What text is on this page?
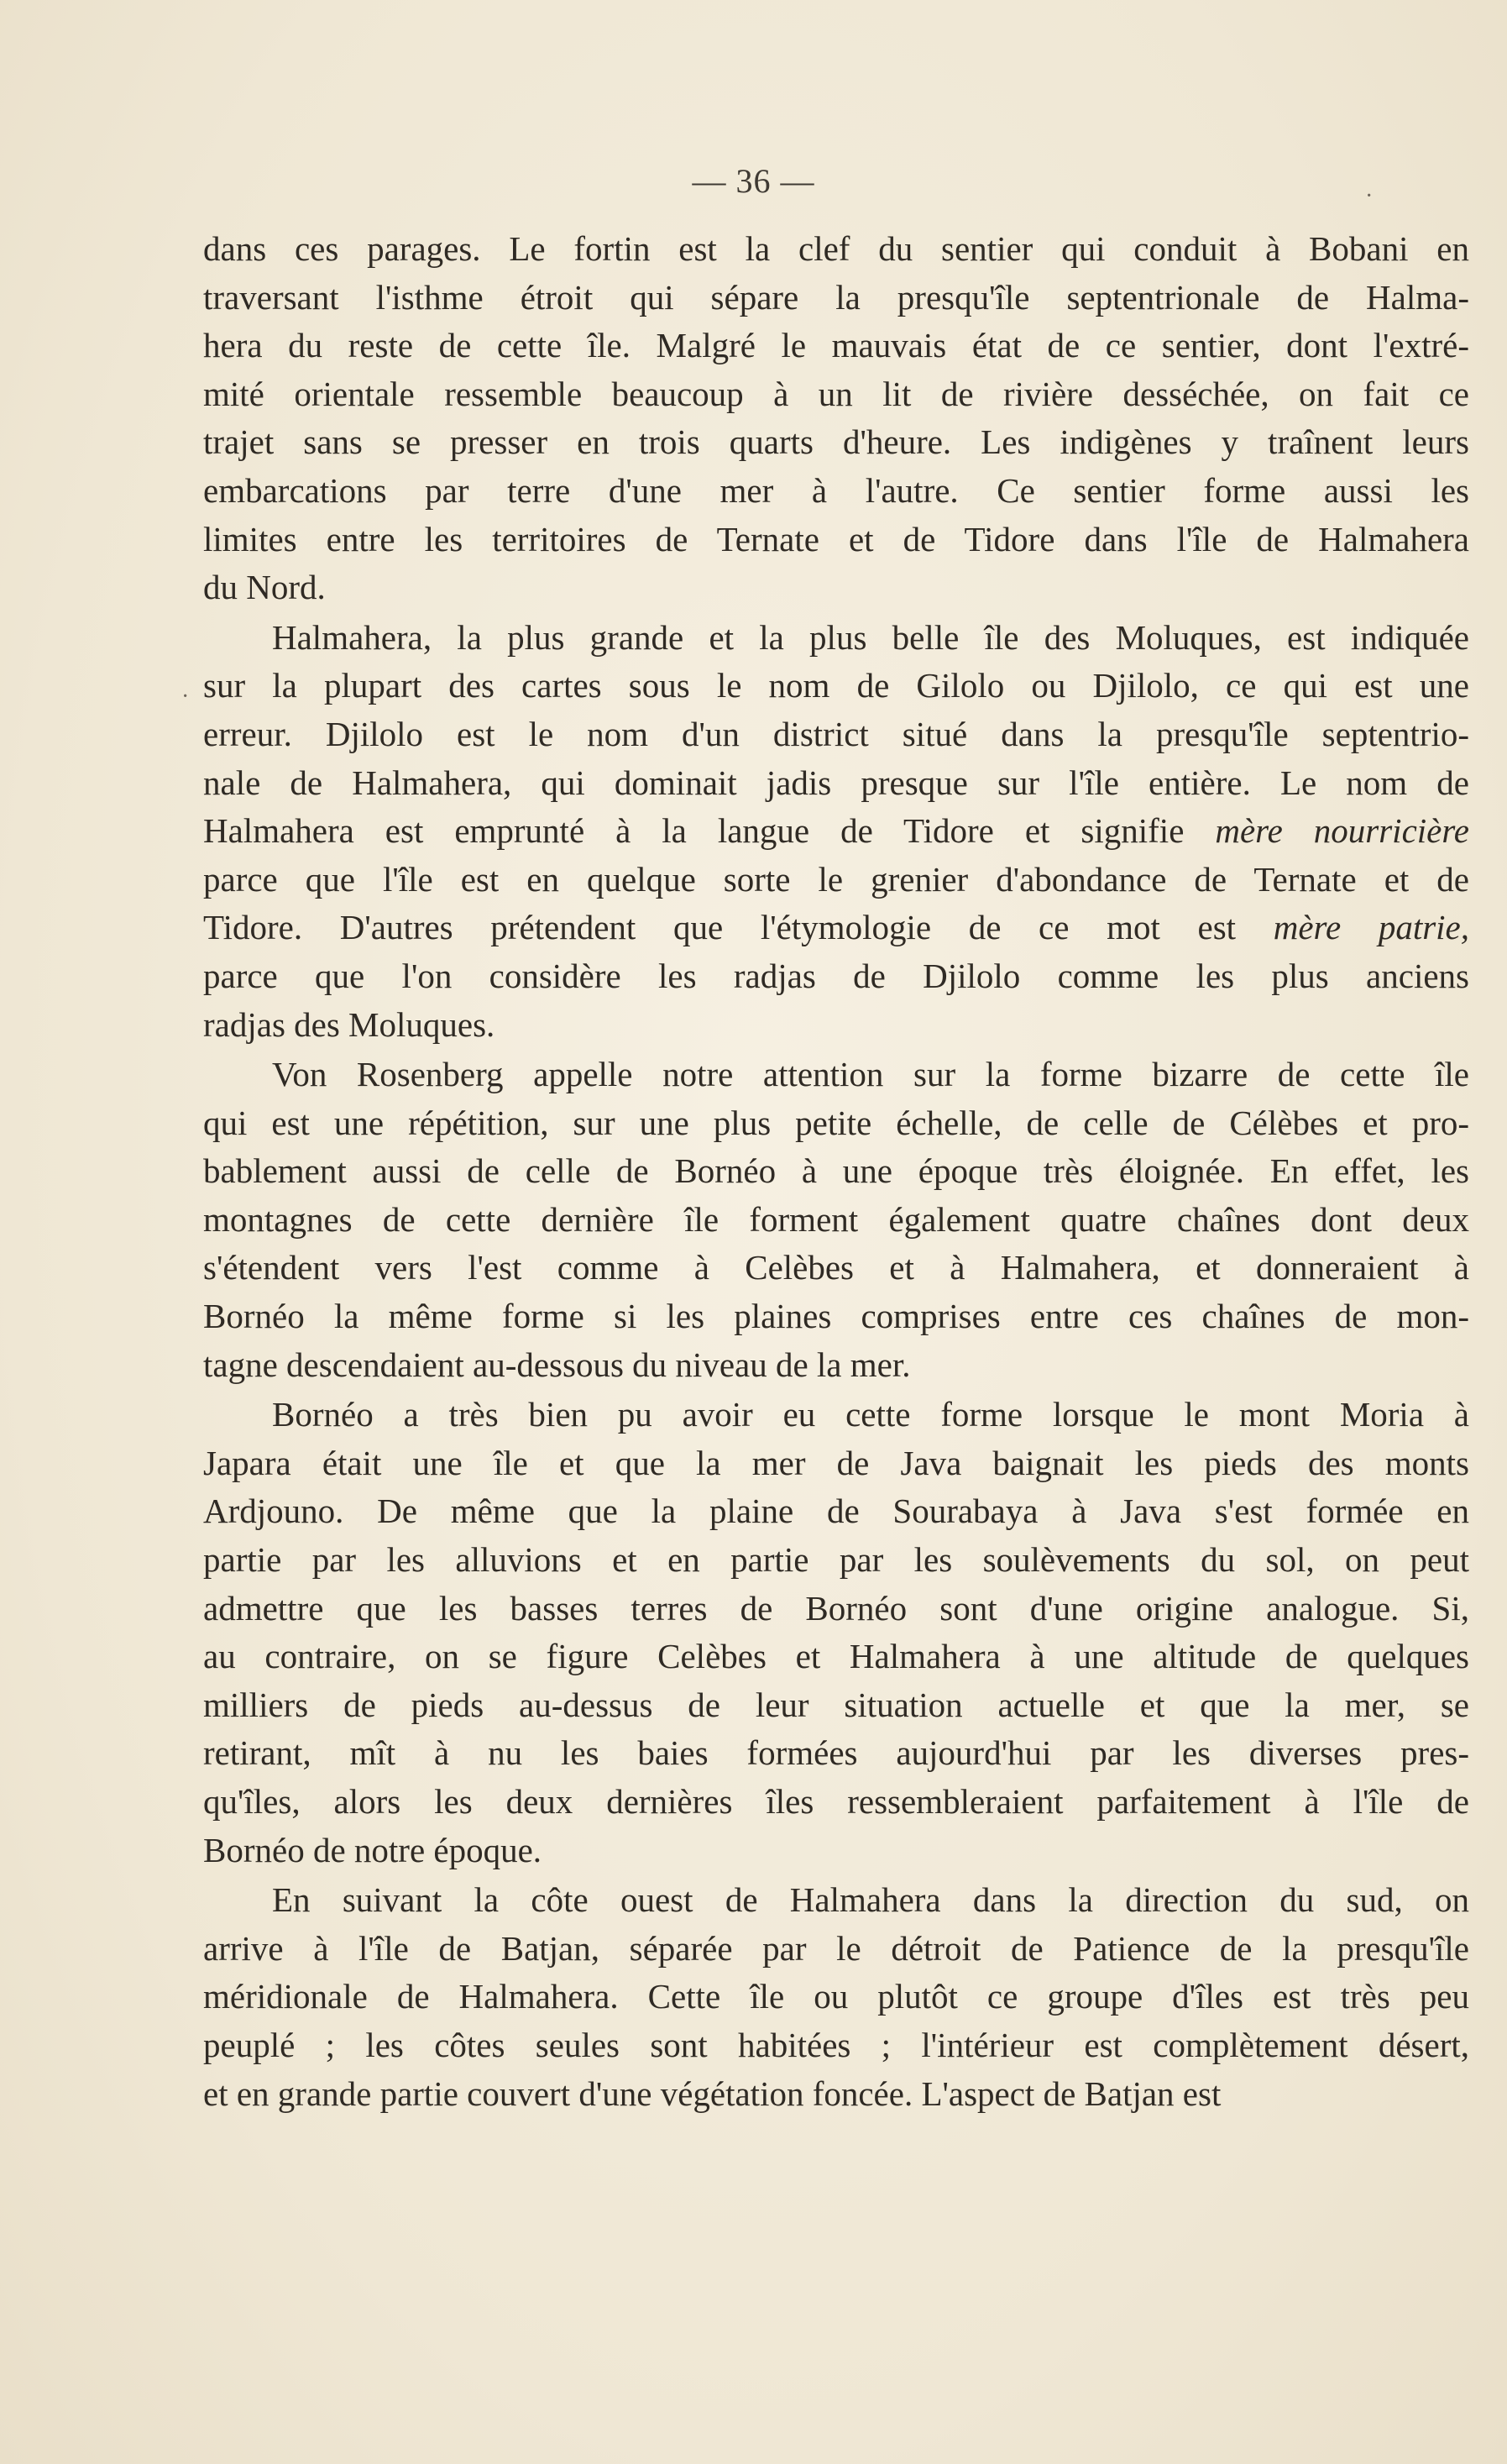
— 36 —	·
·
dans ces parages. Le fortin est la clef du sentier qui conduit à Bobani en
traversant l'isthme étroit qui sépare la presqu'île septentrionale de Halma-
hera du reste de cette île. Malgré le mauvais état de ce sentier, dont l'extré-
mité orientale ressemble beaucoup à un lit de rivière desséchée, on fait ce
trajet sans se presser en trois quarts d'heure. Les indigènes y traînent leurs
embarcations par terre d'une mer à l'autre. Ce sentier forme aussi les
limites entre les territoires de Ternate et de Tidore dans l'île de Halmahera
du Nord.
Halmahera, la plus grande et la plus belle île des Moluques, est indiquée
sur la plupart des cartes sous le nom de Gilolo ou Djilolo, ce qui est une
erreur. Djilolo est le nom d'un district situé dans la presqu'île septentrio-
nale de Halmahera, qui dominait jadis presque sur l'île entière. Le nom de
Halmahera est emprunté à la langue de Tidore et signifie mère nourricière
parce que l'île est en quelque sorte le grenier d'abondance de Ternate et de
Tidore. D'autres prétendent que l'étymologie de ce mot est mère patrie,
parce que l'on considère les radjas de Djilolo comme les plus anciens
radjas des Moluques.
Von Rosenberg appelle notre attention sur la forme bizarre de cette île
qui est une répétition, sur une plus petite échelle, de celle de Célèbes et pro-
bablement aussi de celle de Bornéo à une époque très éloignée. En effet, les
montagnes de cette dernière île forment également quatre chaînes dont deux
s'étendent vers l'est comme à Celèbes et à Halmahera, et donneraient à
Bornéo la même forme si les plaines comprises entre ces chaînes de mon-
tagne descendaient au-dessous du niveau de la mer.
Bornéo a très bien pu avoir eu cette forme lorsque le mont Moria à
Japara était une île et que la mer de Java baignait les pieds des monts
Ardjouno. De même que la plaine de Sourabaya à Java s'est formée en
partie par les alluvions et en partie par les soulèvements du sol, on peut
admettre que les basses terres de Bornéo sont d'une origine analogue. Si,
au contraire, on se figure Celèbes et Halmahera à une altitude de quelques
milliers de pieds au-dessus de leur situation actuelle et que la mer, se
retirant, mît à nu les baies formées aujourd'hui par les diverses pres-
qu'îles, alors les deux dernières îles ressembleraient parfaitement à l'île de
Bornéo de notre époque.
En suivant la côte ouest de Halmahera dans la direction du sud, on
arrive à l'île de Batjan, séparée par le détroit de Patience de la presqu'île
méridionale de Halmahera. Cette île ou plutôt ce groupe d'îles est très peu
peuplé ; les côtes seules sont habitées ; l'intérieur est complètement désert,
et en grande partie couvert d'une végétation foncée. L'aspect de Batjan est
